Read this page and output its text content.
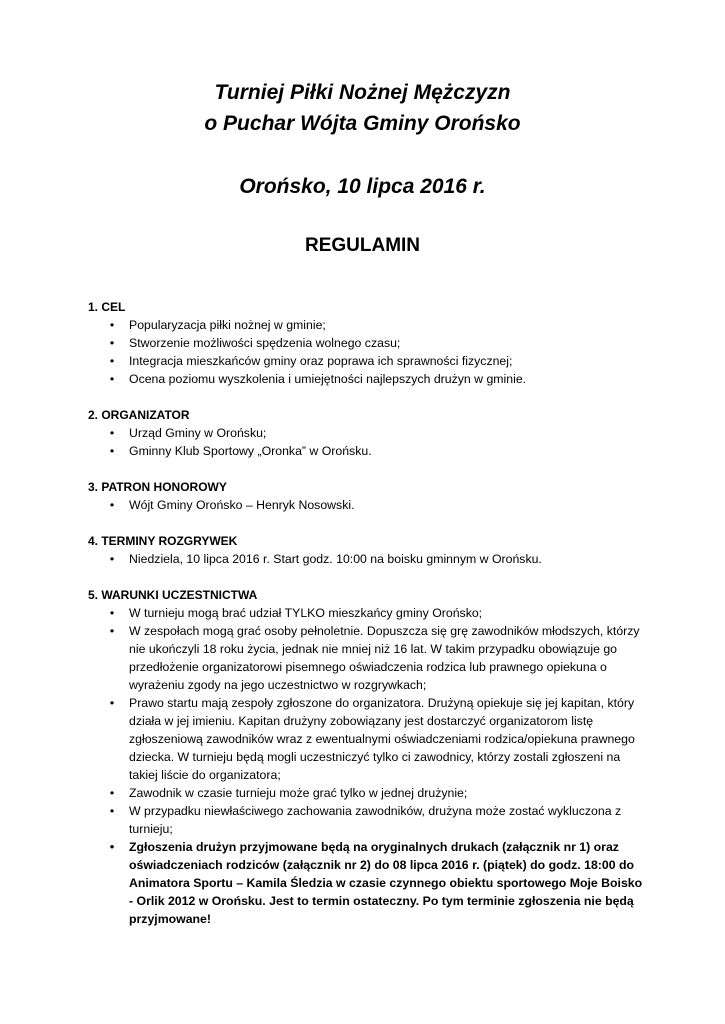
Turniej Piłki Nożnej Mężczyzn
o Puchar Wójta Gminy Orońsko
Orońsko, 10 lipca 2016 r.
REGULAMIN
1. CEL
•	Popularyzacja piłki nożnej w gminie;
•	Stworzenie możliwości spędzenia wolnego czasu;
•	Integracja mieszkańców gminy oraz poprawa ich sprawności fizycznej;
•	Ocena poziomu wyszkolenia i umiejętności najlepszych drużyn w gminie.
2. ORGANIZATOR
•	Urząd Gminy w Orońsku;
•	Gminny Klub Sportowy „Oronka” w Orońsku.
3. PATRON HONOROWY
•	Wójt Gminy Orońsko – Henryk Nosowski.
4. TERMINY ROZGRYWEK
•	Niedziela, 10 lipca 2016 r. Start godz. 10:00 na boisku gminnym w Orońsku.
5. WARUNKI UCZESTNICTWA
•	W turnieju mogą brać udział TYLKO mieszkańcy gminy Orońsko;
•	W zespołach mogą grać osoby pełnoletnie. Dopuszcza się grę zawodników młodszych, którzy nie ukończyli 18 roku życia, jednak nie mniej niż 16 lat. W takim przypadku obowiązuje go przedłożenie organizatorowi pisemnego oświadczenia rodzica lub prawnego opiekuna o wyrażeniu zgody na jego uczestnictwo w rozgrywkach;
•	Prawo startu mają zespoły zgłoszone do organizatora. Drużyną opiekuje się jej kapitan, który działa w jej imieniu. Kapitan drużyny zobowiązany jest dostarczyć organizatorom listę zgłoszeniową zawodników wraz z ewentualnymi oświadczeniami rodzica/opiekuna prawnego dziecka. W turnieju będą mogli uczestniczyć tylko ci zawodnicy, którzy zostali zgłoszeni na takiej liście do organizatora;
•	Zawodnik w czasie turnieju może grać tylko w jednej drużynie;
•	W przypadku niewłaściwego zachowania zawodników, drużyna może zostać wykluczona z turnieju;
•	Zgłoszenia drużyn przyjmowane będą na oryginalnych drukach (załącznik nr 1) oraz oświadczeniach rodziców (załącznik nr 2) do 08 lipca 2016 r. (piątek) do godz. 18:00 do Animatora Sportu – Kamila Śledzia w czasie czynnego obiektu sportowego Moje Boisko - Orlik 2012 w Orońsku. Jest to termin ostateczny. Po tym terminie zgłoszenia nie będą przyjmowane!
